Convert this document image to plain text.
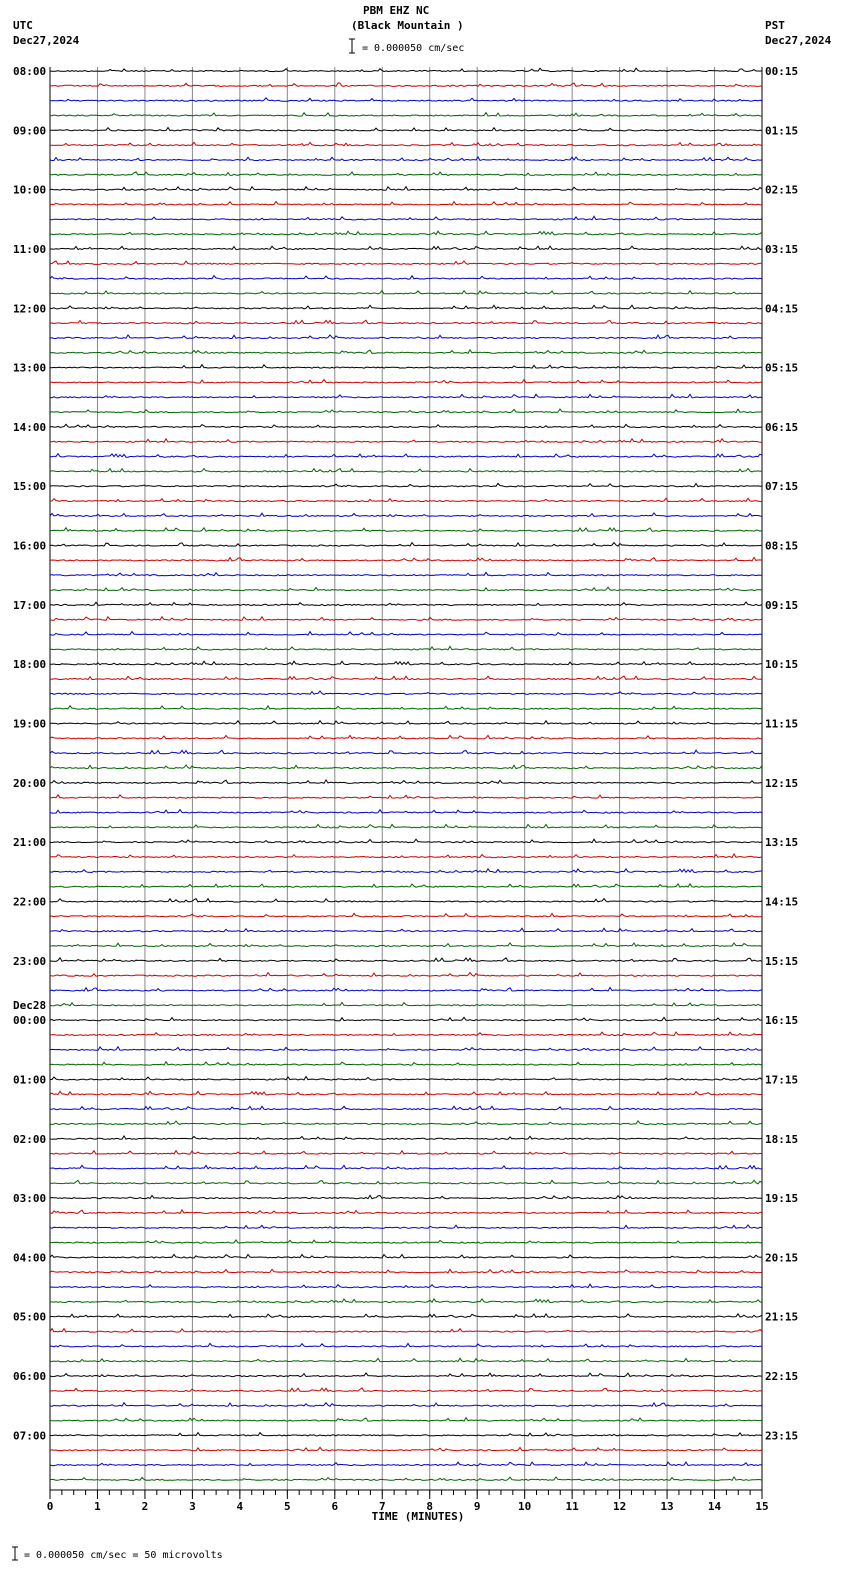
PBM EHZ NC
(Black Mountain )
UTC
Dec27,2024
PST
Dec27,2024
= 0.000050 cm/sec
= 0.000050 cm/sec = 50 microvolts
08:00	00:15
09:00	01:15
10:00	02:15
11:00	03:15
12:00	04:15
13:00	05:15
14:00	06:15
15:00	07:15
16:00	08:15
17:00	09:15
18:00	10:15
19:00	11:15
20:00	12:15
21:00	13:15
22:00	14:15
23:00	15:15
00:00	16:15
01:00	17:15
02:00	18:15
03:00	19:15
04:00	20:15
05:00	21:15
06:00	22:15
07:00	23:15
Dec28
0	1	2	3	4	5	6	7	8	9	10	11	12	13	14	15
TIME (MINUTES)
